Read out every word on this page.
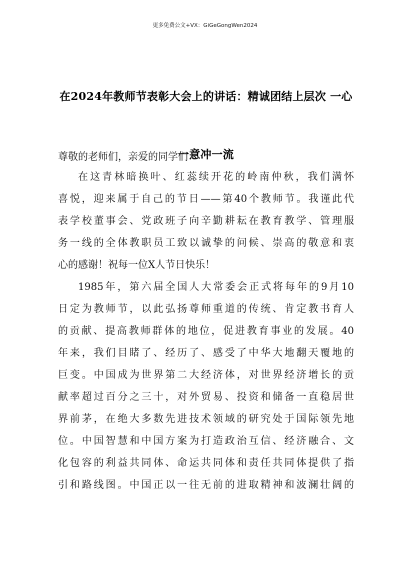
更多免费公文+VX：GiGeGongWen2024
在2024年教师节表彰大会上的讲话：精诚团结上层次 一心
一意冲一流
尊敬的老师们，亲爱的同学们：
在这青林暗换叶、红蕊续开花的岭南仲秋，我们满怀
喜悦，迎来属于自己的节日——第40个教师节。我谨此代
表学校董事会、党政班子向辛勤耕耘在教育教学、管理服
务一线的全体教职员工致以诚挚的问候、崇高的敬意和衷
心的感谢！祝每一位X人节日快乐！
1985年，第六届全国人大常委会正式将每年的9月10
日定为教师节，以此弘扬尊师重道的传统、肯定教书育人
的贡献、提高教师群体的地位，促进教育事业的发展。40
年来，我们目睹了、经历了、感受了中华大地翻天覆地的
巨变。中国成为世界第二大经济体，对世界经济增长的贡
献率超过百分之三十，对外贸易、投资和储备一直稳居世
界前茅，在绝大多数先进技术领域的研究处于国际领先地
位。中国智慧和中国方案为打造政治互信、经济融合、文
化包容的利益共同体、命运共同体和责任共同体提供了指
引和路线图。中国正以一往无前的进取精神和波澜壮阔的
